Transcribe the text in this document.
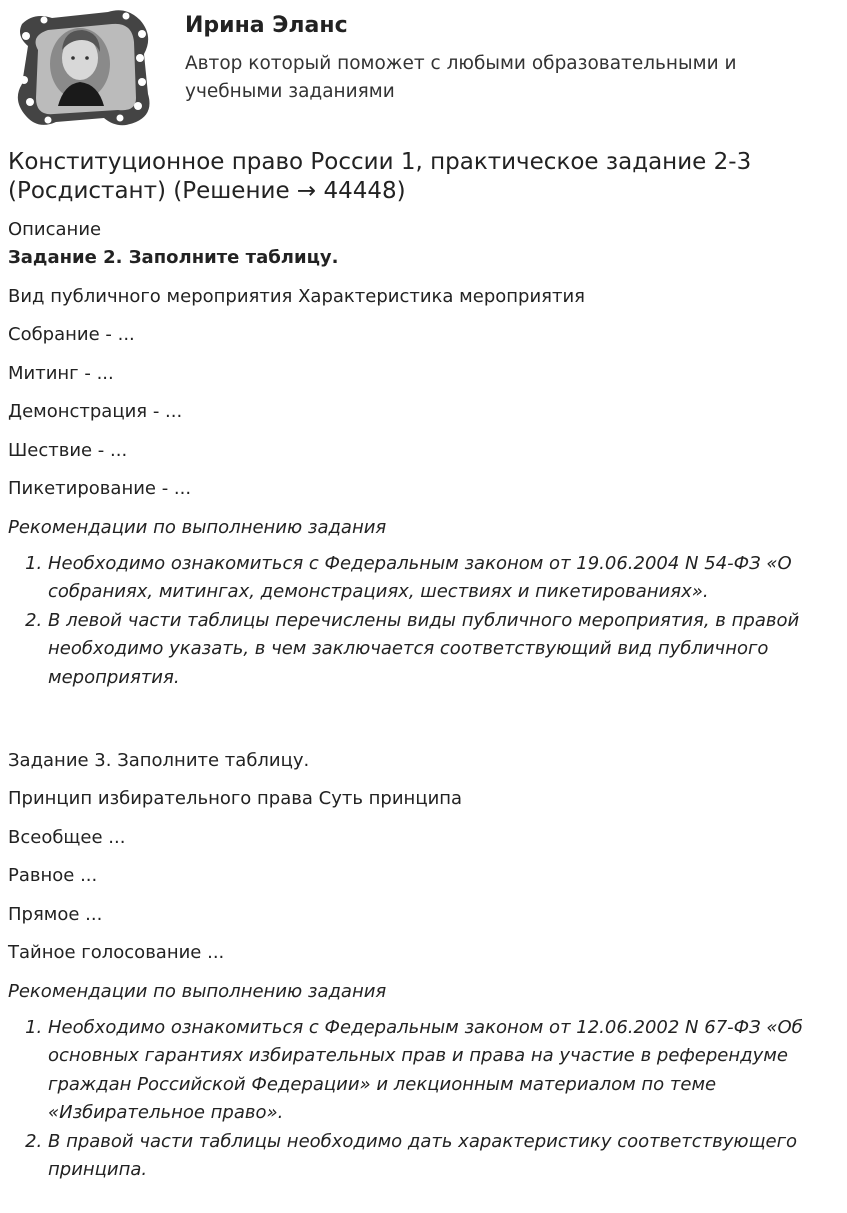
Ирина Эланс

Автор который поможет с любыми образовательными и учебными заданиями

Конституционное право России 1, практическое задание 2-3 (Росдистант) (Решение → 44448)

Описание

Задание 2. Заполните таблицу.

Вид публичного мероприятия Характеристика мероприятия

Собрание - ...

Митинг - ...

Демонстрация - ...

Шествие - ...

Пикетирование - ...

Рекомендации по выполнению задания

1. Необходимо ознакомиться с Федеральным законом от 19.06.2004 N 54-ФЗ «О собраниях, митингах, демонстрациях, шествиях и пикетированиях».
2. В левой части таблицы перечислены виды публичного мероприятия, в правой необходимо указать, в чем заключается соответствующий вид публичного мероприятия.

Задание 3. Заполните таблицу.

Принцип избирательного права Суть принципа

Всеобщее ...

Равное ...

Прямое ...

Тайное голосование ...

Рекомендации по выполнению задания

1. Необходимо ознакомиться с Федеральным законом от 12.06.2002 N 67-ФЗ «Об основных гарантиях избирательных прав и права на участие в референдуме граждан Российской Федерации» и лекционным материалом по теме «Избирательное право».
2. В правой части таблицы необходимо дать характеристику соответствующего принципа.
